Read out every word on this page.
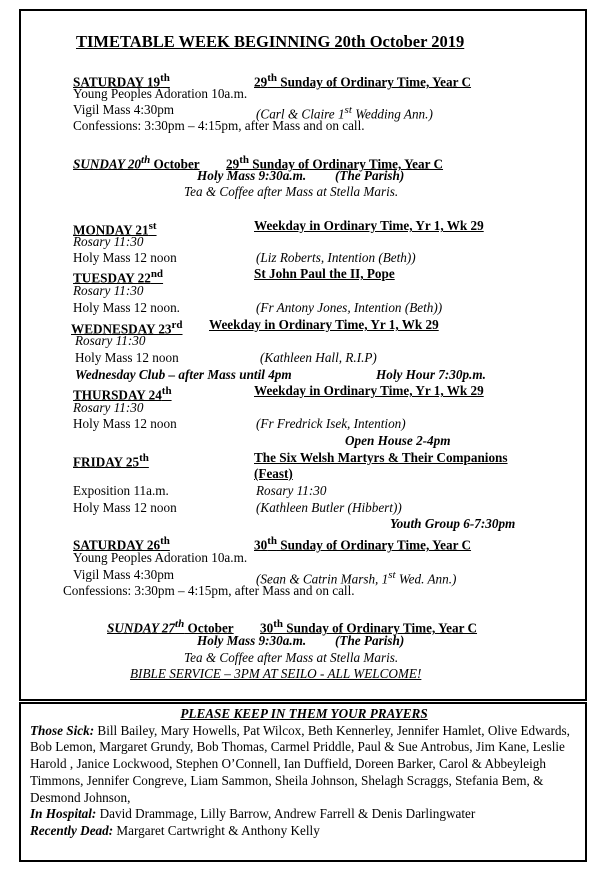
TIMETABLE WEEK BEGINNING 20th October 2019
SATURDAY 19th	29th Sunday of Ordinary Time, Year C
Young Peoples Adoration 10a.m.
Vigil Mass 4:30pm	(Carl & Claire 1st Wedding Ann.)
Confessions: 3:30pm – 4:15pm, after Mass and on call.
SUNDAY 20th October 29th Sunday of Ordinary Time, Year C
Holy Mass 9:30a.m. (The Parish)
Tea & Coffee after Mass at Stella Maris.
MONDAY 21st	Weekday in Ordinary Time, Yr 1, Wk 29
Rosary 11:30
Holy Mass 12 noon	(Liz Roberts, Intention (Beth))
TUESDAY 22nd	St John Paul the II, Pope
Rosary 11:30
Holy Mass 12 noon.	(Fr Antony Jones, Intention (Beth))
WEDNESDAY 23rd Weekday in Ordinary Time, Yr 1, Wk 29
Rosary 11:30
Holy Mass 12 noon	(Kathleen Hall, R.I.P)
Wednesday Club – after Mass until 4pm	Holy Hour 7:30p.m.
THURSDAY 24th	Weekday in Ordinary Time, Yr 1, Wk 29
Rosary 11:30
Holy Mass 12 noon	(Fr Fredrick Isek, Intention)
Open House 2-4pm
FRIDAY 25th	The Six Welsh Martyrs & Their Companions
(Feast)
Exposition 11a.m.	Rosary 11:30
Holy Mass 12 noon	(Kathleen Butler (Hibbert))
Youth Group 6-7:30pm
SATURDAY 26th	30th Sunday of Ordinary Time, Year C
Young Peoples Adoration 10a.m.
Vigil Mass 4:30pm	(Sean & Catrin Marsh, 1st Wed. Ann.)
Confessions: 3:30pm – 4:15pm, after Mass and on call.
SUNDAY 27th October 30th Sunday of Ordinary Time, Year C
Holy Mass 9:30a.m. (The Parish)
Tea & Coffee after Mass at Stella Maris.
BIBLE SERVICE – 3PM AT SEILO - ALL WELCOME!
PLEASE KEEP IN THEM YOUR PRAYERS
Those Sick: Bill Bailey, Mary Howells, Pat Wilcox, Beth Kennerley, Jennifer Hamlet, Olive Edwards, Bob Lemon, Margaret Grundy, Bob Thomas, Carmel Priddle, Paul & Sue Antrobus, Jim Kane, Leslie Harold , Janice Lockwood, Stephen O’Connell, Ian Duffield, Doreen Barker, Carol & Abbeyleigh Timmons, Jennifer Congreve, Liam Sammon, Sheila Johnson, Shelagh Scraggs, Stefania Bem, & Desmond Johnson,
In Hospital: David Drammage, Lilly Barrow, Andrew Farrell & Denis Darlingwater
Recently Dead: Margaret Cartwright & Anthony Kelly
